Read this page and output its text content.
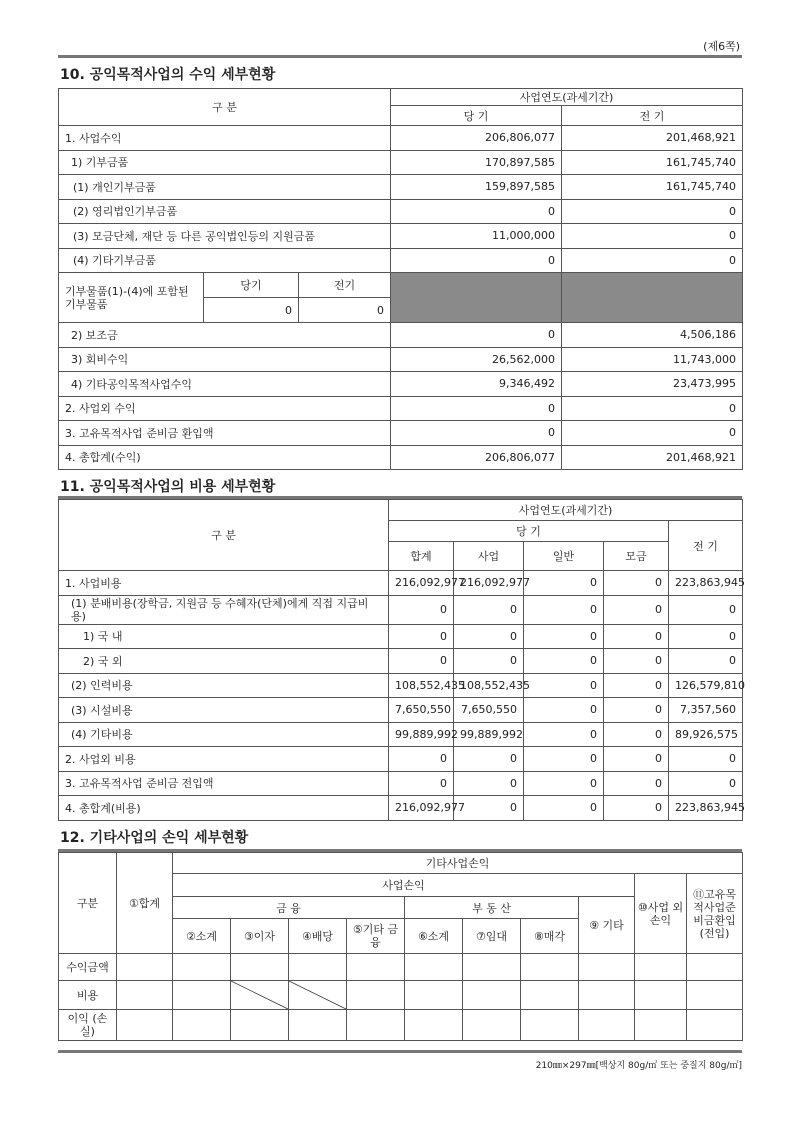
(제6쪽)
10. 공익목적사업의 수익 세부현황
구 분			사업연도(과세기간)	
			당 기	전 기
1. 사업수익			206,806,077	201,468,921
1) 기부금품			170,897,585	161,745,740
(1) 개인기부금품			159,897,585	161,745,740
(2) 영리법인기부금품			0	0
(3) 모금단체, 재단 등 다른 공익법인등의 지원금품			11,000,000	0
(4) 기타기부금품			0	0
기부물품(1)-(4)에 포함된 기부물품	당기	전기		
	0	0		
2) 보조금			0	4,506,186
3) 회비수익			26,562,000	11,743,000
4) 기타공익목적사업수익			9,346,492	23,473,995
2. 사업외 수익			0	0
3. 고유목적사업 준비금 환입액			0	0
4. 총합계(수익)			206,806,077	201,468,921
11. 공익목적사업의 비용 세부현황
구 분	사업연도(과세기간)				
	당 기				전 기
	합계	사업	일반	모금	
1. 사업비용	216,092,977	216,092,977	0	0	223,863,945
(1) 분배비용(장학금, 지원금 등 수혜자(단체)에게 직접 지급비용)	0	0	0	0	0
1) 국 내	0	0	0	0	0
2) 국 외	0	0	0	0	0
(2) 인력비용	108,552,435	108,552,435	0	0	126,579,810
(3) 시설비용	7,650,550	7,650,550	0	0	7,357,560
(4) 기타비용	99,889,992	99,889,992	0	0	89,926,575
2. 사업외 비용	0	0	0	0	0
3. 고유목적사업 준비금 전입액	0	0	0	0	0
4. 총합계(비용)	216,092,977	0	0	0	223,863,945
12. 기타사업의 손익 세부현황
구분	①합계	기타사업손익									
		사업손익								⑩사업 외손익	⑪고유목적사업준비금환입(전입)
		금 융				부 동 산			⑨ 기타		
		②소계	③이자	④배당	⑤기타 금융	⑥소계	⑦임대	⑧매각			
수익금액											
비용			

이익 (손실)											
210㎜×297㎜[백상지 80g/㎡ 또는 중질지 80g/㎡]
